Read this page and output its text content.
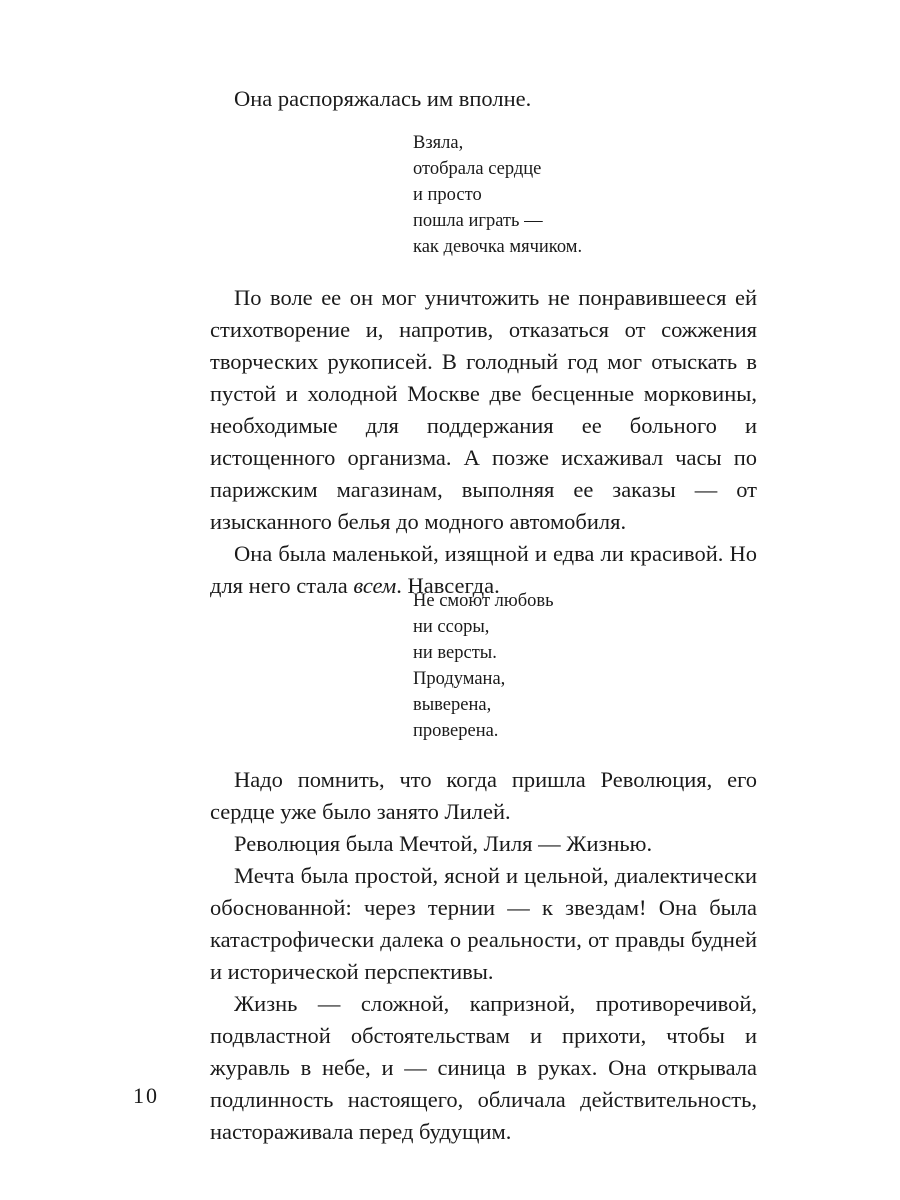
Она распоряжалась им вполне.

Взяла,
отобрала сердце
и просто
пошла играть —
как девочка мячиком.

По воле ее он мог уничтожить не понравившееся ей стихотворение и, напротив, отказаться от сожжения творческих рукописей. В голодный год мог отыскать в пустой и холодной Москве две бесценные морковины, необходимые для поддержания ее больного и истощенного организма. А позже исхаживал часы по парижским магазинам, выполняя ее заказы — от изысканного белья до модного автомобиля.

Она была маленькой, изящной и едва ли красивой. Но для него стала всем. Навсегда.

Не смоют любовь
ни ссоры,
ни версты.
Продумана,
выверена,
проверена.

Надо помнить, что когда пришла Революция, его сердце уже было занято Лилей.

Революция была Мечтой, Лиля — Жизнью.

Мечта была простой, ясной и цельной, диалектически обоснованной: через тернии — к звездам! Она была катастрофически далека о реальности, от правды будней и исторической перспективы.

Жизнь — сложной, капризной, противоречивой, подвластной обстоятельствам и прихоти, чтобы и журавль в небе, и — синица в руках. Она открывала подлинность настоящего, обличала действительность, настораживала перед будущим.

10
